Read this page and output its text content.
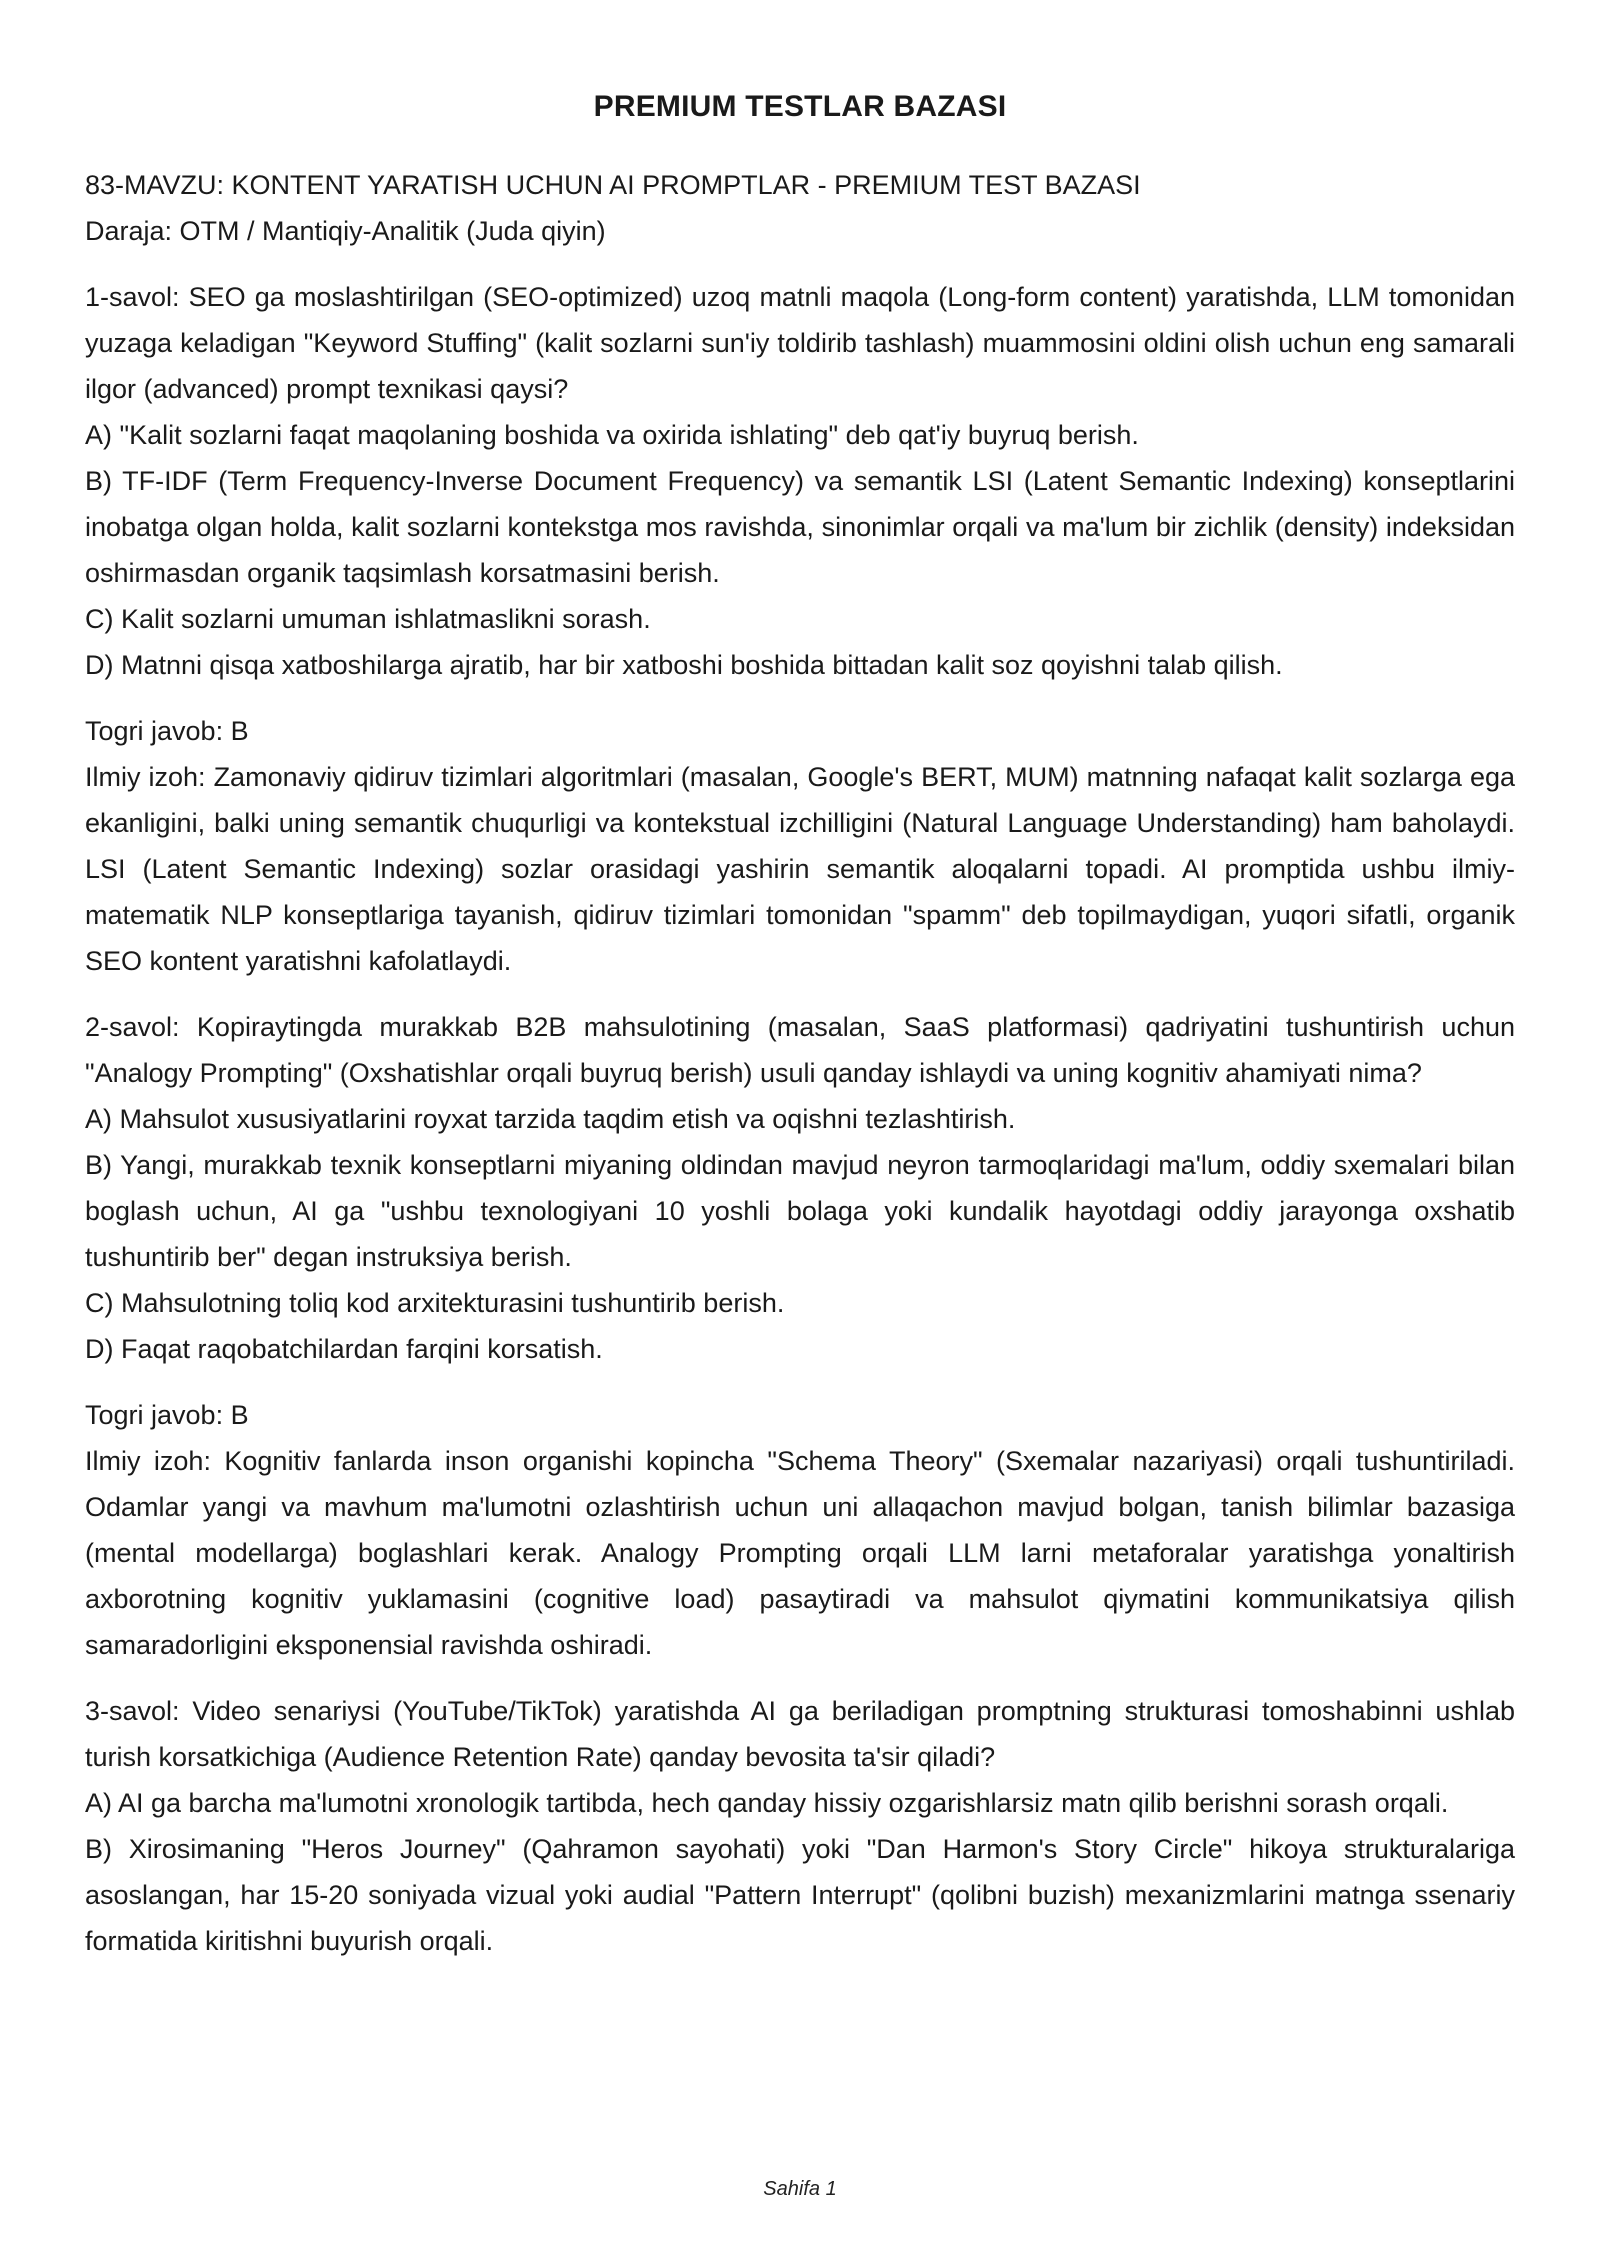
PREMIUM TESTLAR BAZASI

83-MAVZU: KONTENT YARATISH UCHUN AI PROMPTLAR - PREMIUM TEST BAZASI

Daraja: OTM / Mantiqiy-Analitik (Juda qiyin)

1-savol: SEO ga moslashtirilgan (SEO-optimized) uzoq matnli maqola (Long-form content) yaratishda, LLM tomonidan yuzaga keladigan "Keyword Stuffing" (kalit sozlarni sun'iy toldirib tashlash) muammosini oldini olish uchun eng samarali ilgor (advanced) prompt texnikasi qaysi?

A) "Kalit sozlarni faqat maqolaning boshida va oxirida ishlating" deb qat'iy buyruq berish.

B) TF-IDF (Term Frequency-Inverse Document Frequency) va semantik LSI (Latent Semantic Indexing) konseptlarini inobatga olgan holda, kalit sozlarni kontekstga mos ravishda, sinonimlar orqali va ma'lum bir zichlik (density) indeksidan oshirmasdan organik taqsimlash korsatmasini berish.

C) Kalit sozlarni umuman ishlatmaslikni sorash.

D) Matnni qisqa xatboshilarga ajratib, har bir xatboshi boshida bittadan kalit soz qoyishni talab qilish.

Togri javob: B

Ilmiy izoh: Zamonaviy qidiruv tizimlari algoritmlari (masalan, Google's BERT, MUM) matnning nafaqat kalit sozlarga ega ekanligini, balki uning semantik chuqurligi va kontekstual izchilligini (Natural Language Understanding) ham baholaydi. LSI (Latent Semantic Indexing) sozlar orasidagi yashirin semantik aloqalarni topadi. AI promptida ushbu ilmiy-matematik NLP konseptlariga tayanish, qidiruv tizimlari tomonidan "spamm" deb topilmaydigan, yuqori sifatli, organik SEO kontent yaratishni kafolatlaydi.

2-savol: Kopiraytingda murakkab B2B mahsulotining (masalan, SaaS platformasi) qadriyatini tushuntirish uchun "Analogy Prompting" (Oxshatishlar orqali buyruq berish) usuli qanday ishlaydi va uning kognitiv ahamiyati nima?

A) Mahsulot xususiyatlarini royxat tarzida taqdim etish va oqishni tezlashtirish.

B) Yangi, murakkab texnik konseptlarni miyaning oldindan mavjud neyron tarmoqlaridagi ma'lum, oddiy sxemalari bilan boglash uchun, AI ga "ushbu texnologiyani 10 yoshli bolaga yoki kundalik hayotdagi oddiy jarayonga oxshatib tushuntirib ber" degan instruksiya berish.

C) Mahsulotning toliq kod arxitekturasini tushuntirib berish.

D) Faqat raqobatchilardan farqini korsatish.

Togri javob: B

Ilmiy izoh: Kognitiv fanlarda inson organishi kopincha "Schema Theory" (Sxemalar nazariyasi) orqali tushuntiriladi. Odamlar yangi va mavhum ma'lumotni ozlashtirish uchun uni allaqachon mavjud bolgan, tanish bilimlar bazasiga (mental modellarga) boglashlari kerak. Analogy Prompting orqali LLM larni metaforalar yaratishga yonaltirish axborotning kognitiv yuklamasini (cognitive load) pasaytiradi va mahsulot qiymatini kommunikatsiya qilish samaradorligini eksponensial ravishda oshiradi.

3-savol: Video senariysi (YouTube/TikTok) yaratishda AI ga beriladigan promptning strukturasi tomoshabinni ushlab turish korsatkichiga (Audience Retention Rate) qanday bevosita ta'sir qiladi?

A) AI ga barcha ma'lumotni xronologik tartibda, hech qanday hissiy ozgarishlarsiz matn qilib berishni sorash orqali.

B) Xirosimaning "Heros Journey" (Qahramon sayohati) yoki "Dan Harmon's Story Circle" hikoya strukturalariga asoslangan, har 15-20 soniyada vizual yoki audial "Pattern Interrupt" (qolibni buzish) mexanizmlarini matnga ssenariy formatida kiritishni buyurish orqali.

Sahifa 1
